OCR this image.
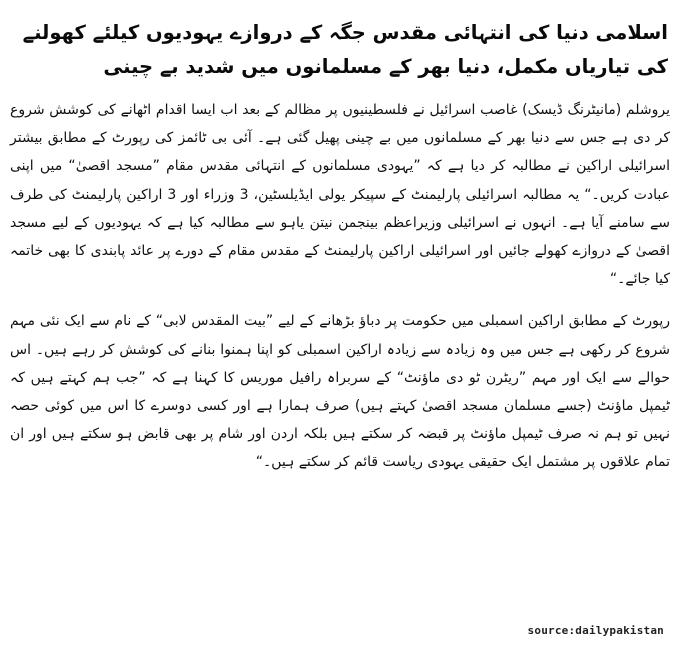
اسلامی دنیا کی انتہائی مقدس جگہ کے دروازے یہودیوں کیلئے کھولنے کی تیاریاں مکمل، دنیا بھر کے مسلمانوں میں شدید بے چینی

یروشلم (مانیٹرنگ ڈیسک) غاصب اسرائیل نے فلسطینیوں پر مظالم کے بعد اب ایسا اقدام اٹھانے کی کوشش شروع کر دی ہے جس سے دنیا بھر کے مسلمانوں میں بے چینی پھیل گئی ہے۔ آئی بی ٹائمز کی رپورٹ کے مطابق بیشتر اسرائیلی اراکین نے مطالبہ کر دیا ہے کہ ”یہودی مسلمانوں کے انتہائی مقدس مقام ”مسجد اقصیٰ“ میں اپنی عبادت کریں۔“ یہ مطالبہ اسرائیلی پارلیمنٹ کے سپیکر یولی ایڈیلسٹین، 3 وزراء اور 3 اراکین پارلیمنٹ کی طرف سے سامنے آیا ہے۔ انہوں نے اسرائیلی وزیراعظم بینجمن نیتن یاہو سے مطالبہ کیا ہے کہ یہودیوں کے لیے مسجد اقصیٰ کے دروازے کھولے جائیں اور اسرائیلی اراکین پارلیمنٹ کے مقدس مقام کے دورے پر عائد پابندی کا بھی خاتمہ کیا جائے۔“

رپورٹ کے مطابق اراکین اسمبلی میں حکومت پر دباؤ بڑھانے کے لیے ”بیت المقدس لابی“ کے نام سے ایک نئی مہم شروع کر رکھی ہے جس میں وہ زیادہ سے زیادہ اراکین اسمبلی کو اپنا ہمنوا بنانے کی کوشش کر رہے ہیں۔ اس حوالے سے ایک اور مہم ”ریٹرن ٹو دی ماؤنٹ“ کے سربراہ رافیل موریس کا کہنا ہے کہ ”جب ہم کہتے ہیں کہ ٹیمپل ماؤنٹ (جسے مسلمان مسجد اقصیٰ کہتے ہیں) صرف ہمارا ہے اور کسی دوسرے کا اس میں کوئی حصہ نہیں تو ہم نہ صرف ٹیمپل ماؤنٹ پر قبضہ کر سکتے ہیں بلکہ اردن اور شام پر بھی قابض ہو سکتے ہیں اور ان تمام علاقوں پر مشتمل ایک حقیقی یہودی ریاست قائم کر سکتے ہیں۔“

source:dailypakistan
